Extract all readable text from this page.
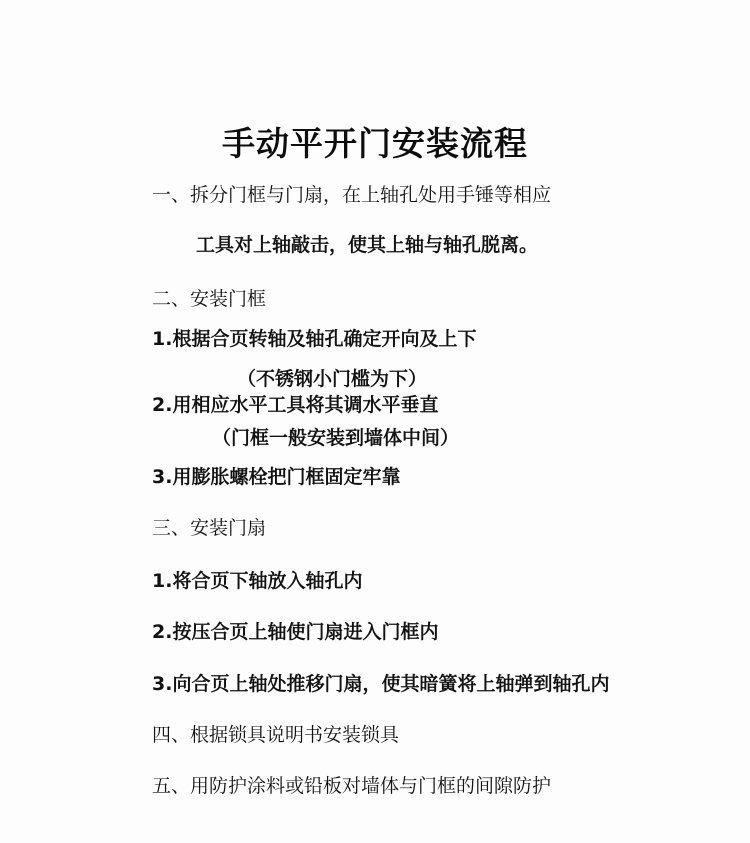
手动平开门安装流程
一、拆分门框与门扇，在上轴孔处用手锤等相应
工具对上轴敲击，使其上轴与轴孔脱离。
二、安装门框
1.根据合页转轴及轴孔确定开向及上下
（不锈钢小门槛为下）
2.用相应水平工具将其调水平垂直
（门框一般安装到墙体中间）
3.用膨胀螺栓把门框固定牢靠
三、安装门扇
1.将合页下轴放入轴孔内
2.按压合页上轴使门扇进入门框内
3.向合页上轴处推移门扇，使其暗簧将上轴弹到轴孔内
四、根据锁具说明书安装锁具
五、用防护涂料或铅板对墙体与门框的间隙防护
